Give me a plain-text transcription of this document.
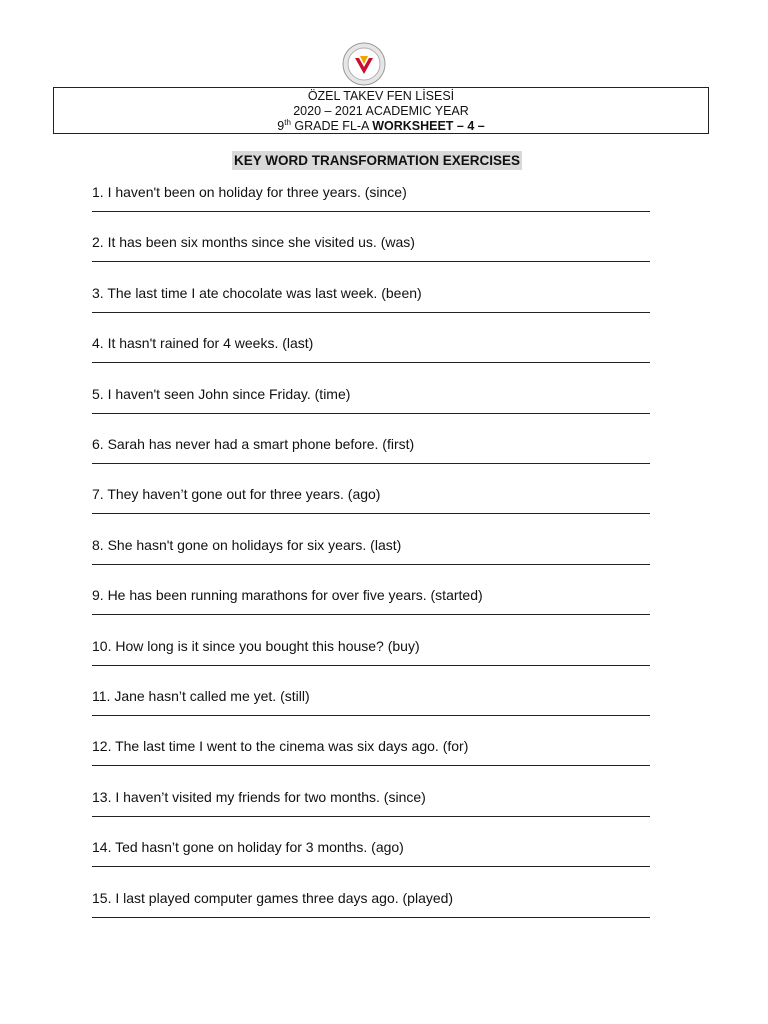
ÖZEL TAKEV FEN LİSESİ
2020 – 2021 ACADEMIC YEAR
9th GRADE FL-A WORKSHEET – 4 –
KEY WORD TRANSFORMATION EXERCISES
1. I haven't been on holiday for three years. (since)
2. It has been six months since she visited us. (was)
3. The last time I ate chocolate was last week. (been)
4. It hasn't rained for 4 weeks. (last)
5. I haven't seen John since Friday. (time)
6. Sarah has never had a smart phone before. (first)
7. They haven’t gone out for three years. (ago)
8. She hasn't gone on holidays for six years. (last)
9. He has been running marathons for over five years. (started)
10. How long is it since you bought this house? (buy)
11. Jane hasn’t called me yet. (still)
12. The last time I went to the cinema was six days ago. (for)
13. I haven’t visited my friends for two months. (since)
14. Ted hasn’t gone on holiday for 3 months. (ago)
15. I last played computer games three days ago. (played)
